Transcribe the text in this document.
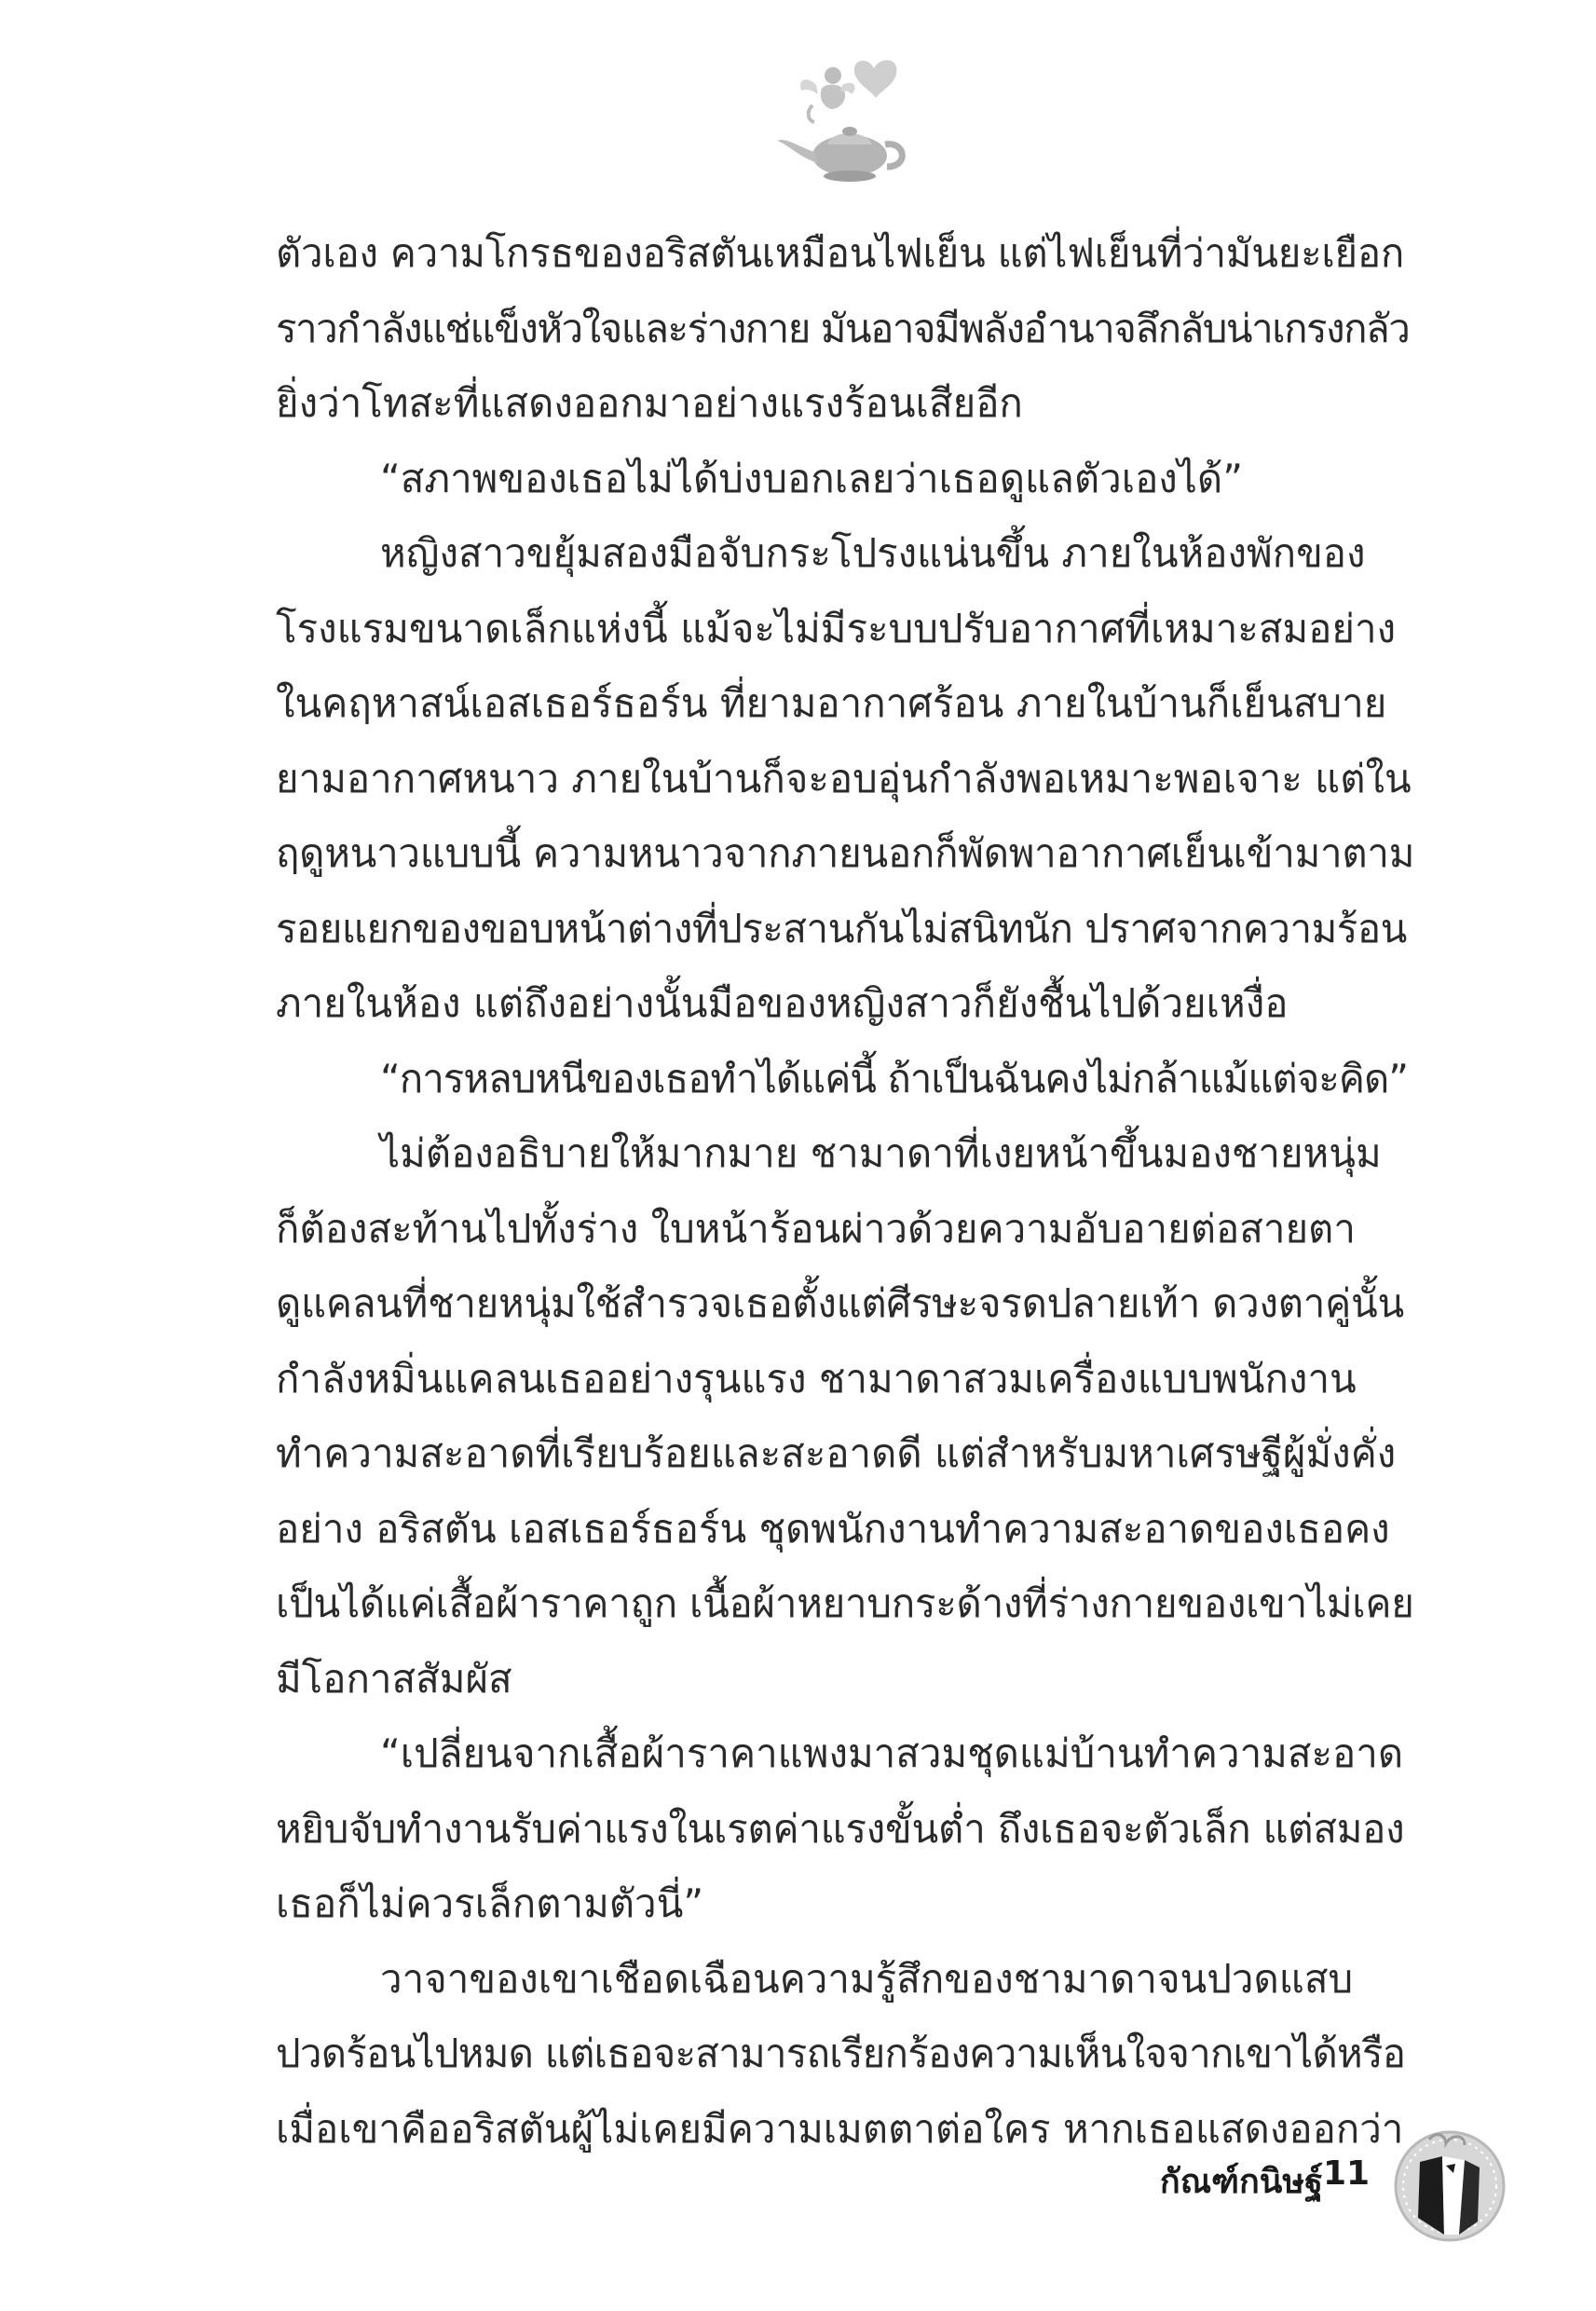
ตัวเอง ความโกรธของอริสตันเหมือนไฟเย็น แต่ไฟเย็นที่ว่ามันยะเยือก

ราวกำลังแช่แข็งหัวใจและร่างกาย มันอาจมีพลังอำนาจลึกลับน่าเกรงกลัว

ยิ่งว่าโทสะที่แสดงออกมาอย่างแรงร้อนเสียอีก

“สภาพของเธอไม่ได้บ่งบอกเลยว่าเธอดูแลตัวเองได้”

หญิงสาวขยุ้มสองมือจับกระโปรงแน่นขึ้น ภายในห้องพักของ

โรงแรมขนาดเล็กแห่งนี้ แม้จะไม่มีระบบปรับอากาศที่เหมาะสมอย่าง

ในคฤหาสน์เอสเธอร์ธอร์น ที่ยามอากาศร้อน ภายในบ้านก็เย็นสบาย

ยามอากาศหนาว ภายในบ้านก็จะอบอุ่นกำลังพอเหมาะพอเจาะ แต่ใน

ฤดูหนาวแบบนี้ ความหนาวจากภายนอกก็พัดพาอากาศเย็นเข้ามาตาม

รอยแยกของขอบหน้าต่างที่ประสานกันไม่สนิทนัก ปราศจากความร้อน

ภายในห้อง แต่ถึงอย่างนั้นมือของหญิงสาวก็ยังชื้นไปด้วยเหงื่อ

“การหลบหนีของเธอทำได้แค่นี้ ถ้าเป็นฉันคงไม่กล้าแม้แต่จะคิด”

ไม่ต้องอธิบายให้มากมาย ชามาดาที่เงยหน้าขึ้นมองชายหนุ่ม

ก็ต้องสะท้านไปทั้งร่าง ใบหน้าร้อนผ่าวด้วยความอับอายต่อสายตา

ดูแคลนที่ชายหนุ่มใช้สำรวจเธอตั้งแต่ศีรษะจรดปลายเท้า ดวงตาคู่นั้น

กำลังหมิ่นแคลนเธออย่างรุนแรง ชามาดาสวมเครื่องแบบพนักงาน

ทำความสะอาดที่เรียบร้อยและสะอาดดี แต่สำหรับมหาเศรษฐีผู้มั่งคั่ง

อย่าง อริสตัน เอสเธอร์ธอร์น ชุดพนักงานทำความสะอาดของเธอคง

เป็นได้แค่เสื้อผ้าราคาถูก เนื้อผ้าหยาบกระด้างที่ร่างกายของเขาไม่เคย

มีโอกาสสัมผัส

“เปลี่ยนจากเสื้อผ้าราคาแพงมาสวมชุดแม่บ้านทำความสะอาด

หยิบจับทำงานรับค่าแรงในเรตค่าแรงขั้นต่ำ ถึงเธอจะตัวเล็ก แต่สมอง

เธอก็ไม่ควรเล็กตามตัวนี่”

วาจาของเขาเชือดเฉือนความรู้สึกของชามาดาจนปวดแสบ

ปวดร้อนไปหมด แต่เธอจะสามารถเรียกร้องความเห็นใจจากเขาได้หรือ

เมื่อเขาคืออริสตันผู้ไม่เคยมีความเมตตาต่อใคร หากเธอแสดงออกว่า

กัณฑ์กนิษฐ์ 11
